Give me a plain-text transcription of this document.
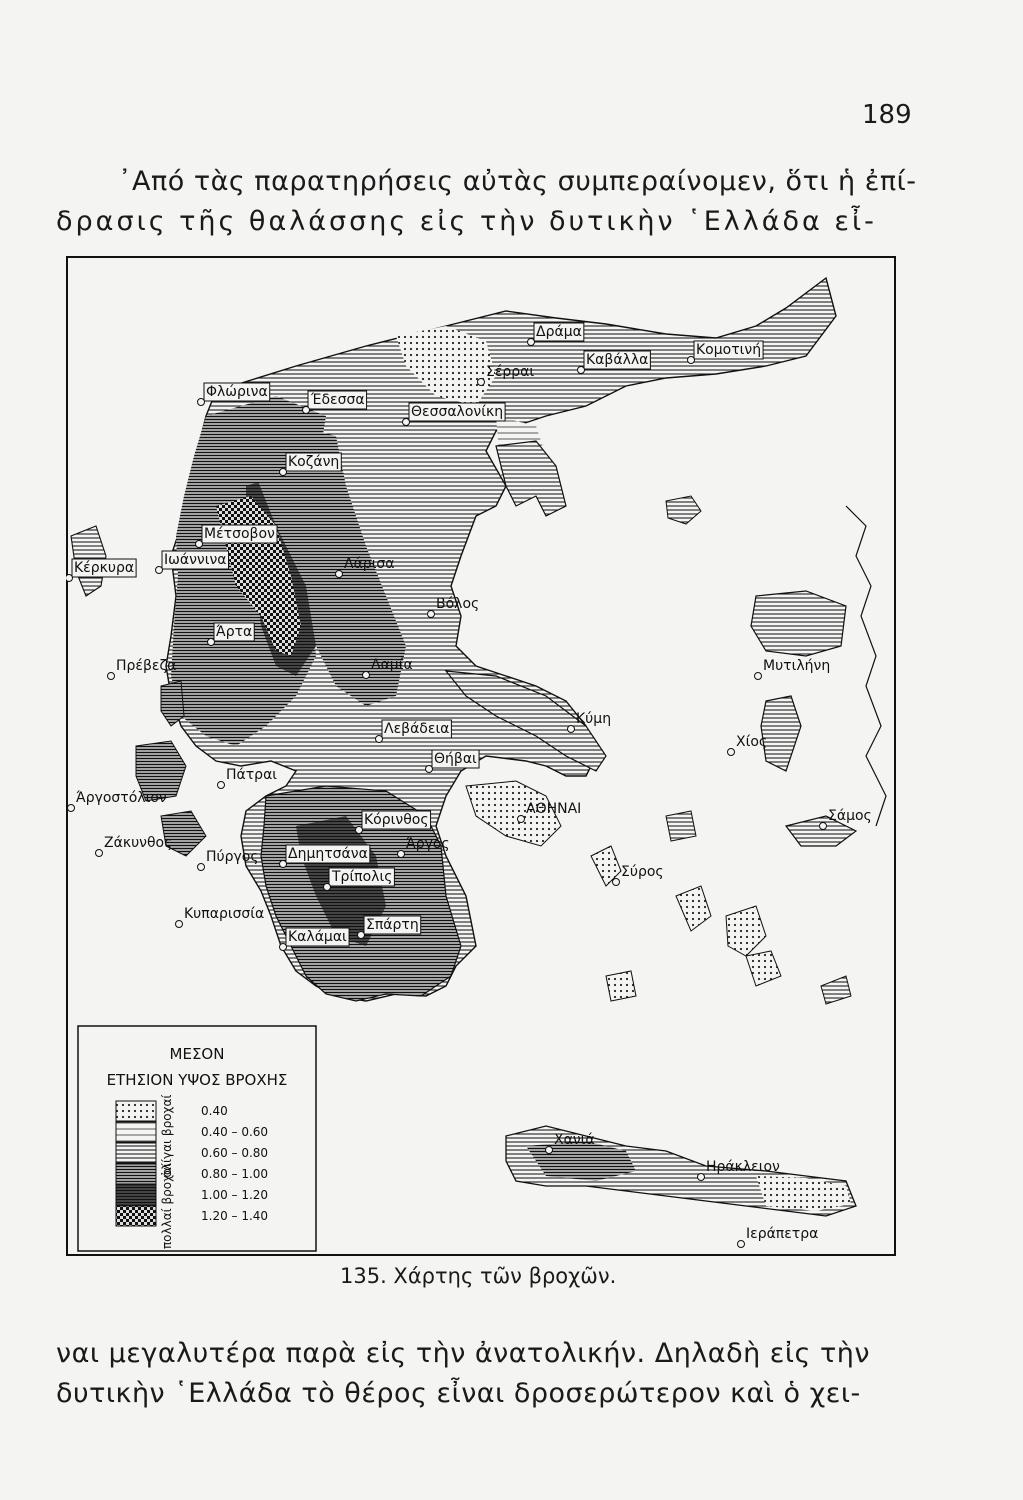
189
᾿Από τὰς παρατηρήσεις αὐτὰς συμπεραίνομεν, ὅτι ἡ ἐπί-
δρασις τῆς θαλάσσης εἰς τὴν δυτικὴν ῾Ελλάδα εἶ-
Δράμα
Καβάλλα
Κομοτινή
Σέρραι
Φλώρινα	Έδεσσα
Θεσσαλονίκη
Κοζάνη
Μέτσοβον
Κέρκυρα Ιωάννινα	Λάρισα
Βόλος
Άρτα
Πρέβεζα	Λαμία	Μυτιλήνη
Κύμη
Λεβάδεια
Χίος
Θήβαι
Πάτραι
Άργοστόλιον
ΑΘΗΝΑΙ	Σάμος
Κόρινθος
Ζάκυνθος
Πύργος Δημητσάνα
Άργος
Σύρος
Τρίπολις
Κυπαρισσία
Σπάρτη
Καλάμαι
Χανιά
Ηράκλειον
Ιεράπετρα
ΜΕΣΟΝ
ΕΤΗΣΙΟΝ ΥΨΟΣ ΒΡΟΧΗΣ
0.40
0.40 – 0.60
0.60 – 0.80
0.80 – 1.00
1.00 – 1.20
1.20 – 1.40
ὀλίγαι βροχαί
πολλαί βροχαί
135. Χάρτης τῶν βροχῶν.
ναι μεγαλυτέρα παρὰ εἰς τὴν ἀνατολικήν. Δηλαδὴ εἰς τὴν
δυτικὴν ῾Ελλάδα τὸ θέρος εἶναι δροσερώτερον καὶ ὁ χει-
